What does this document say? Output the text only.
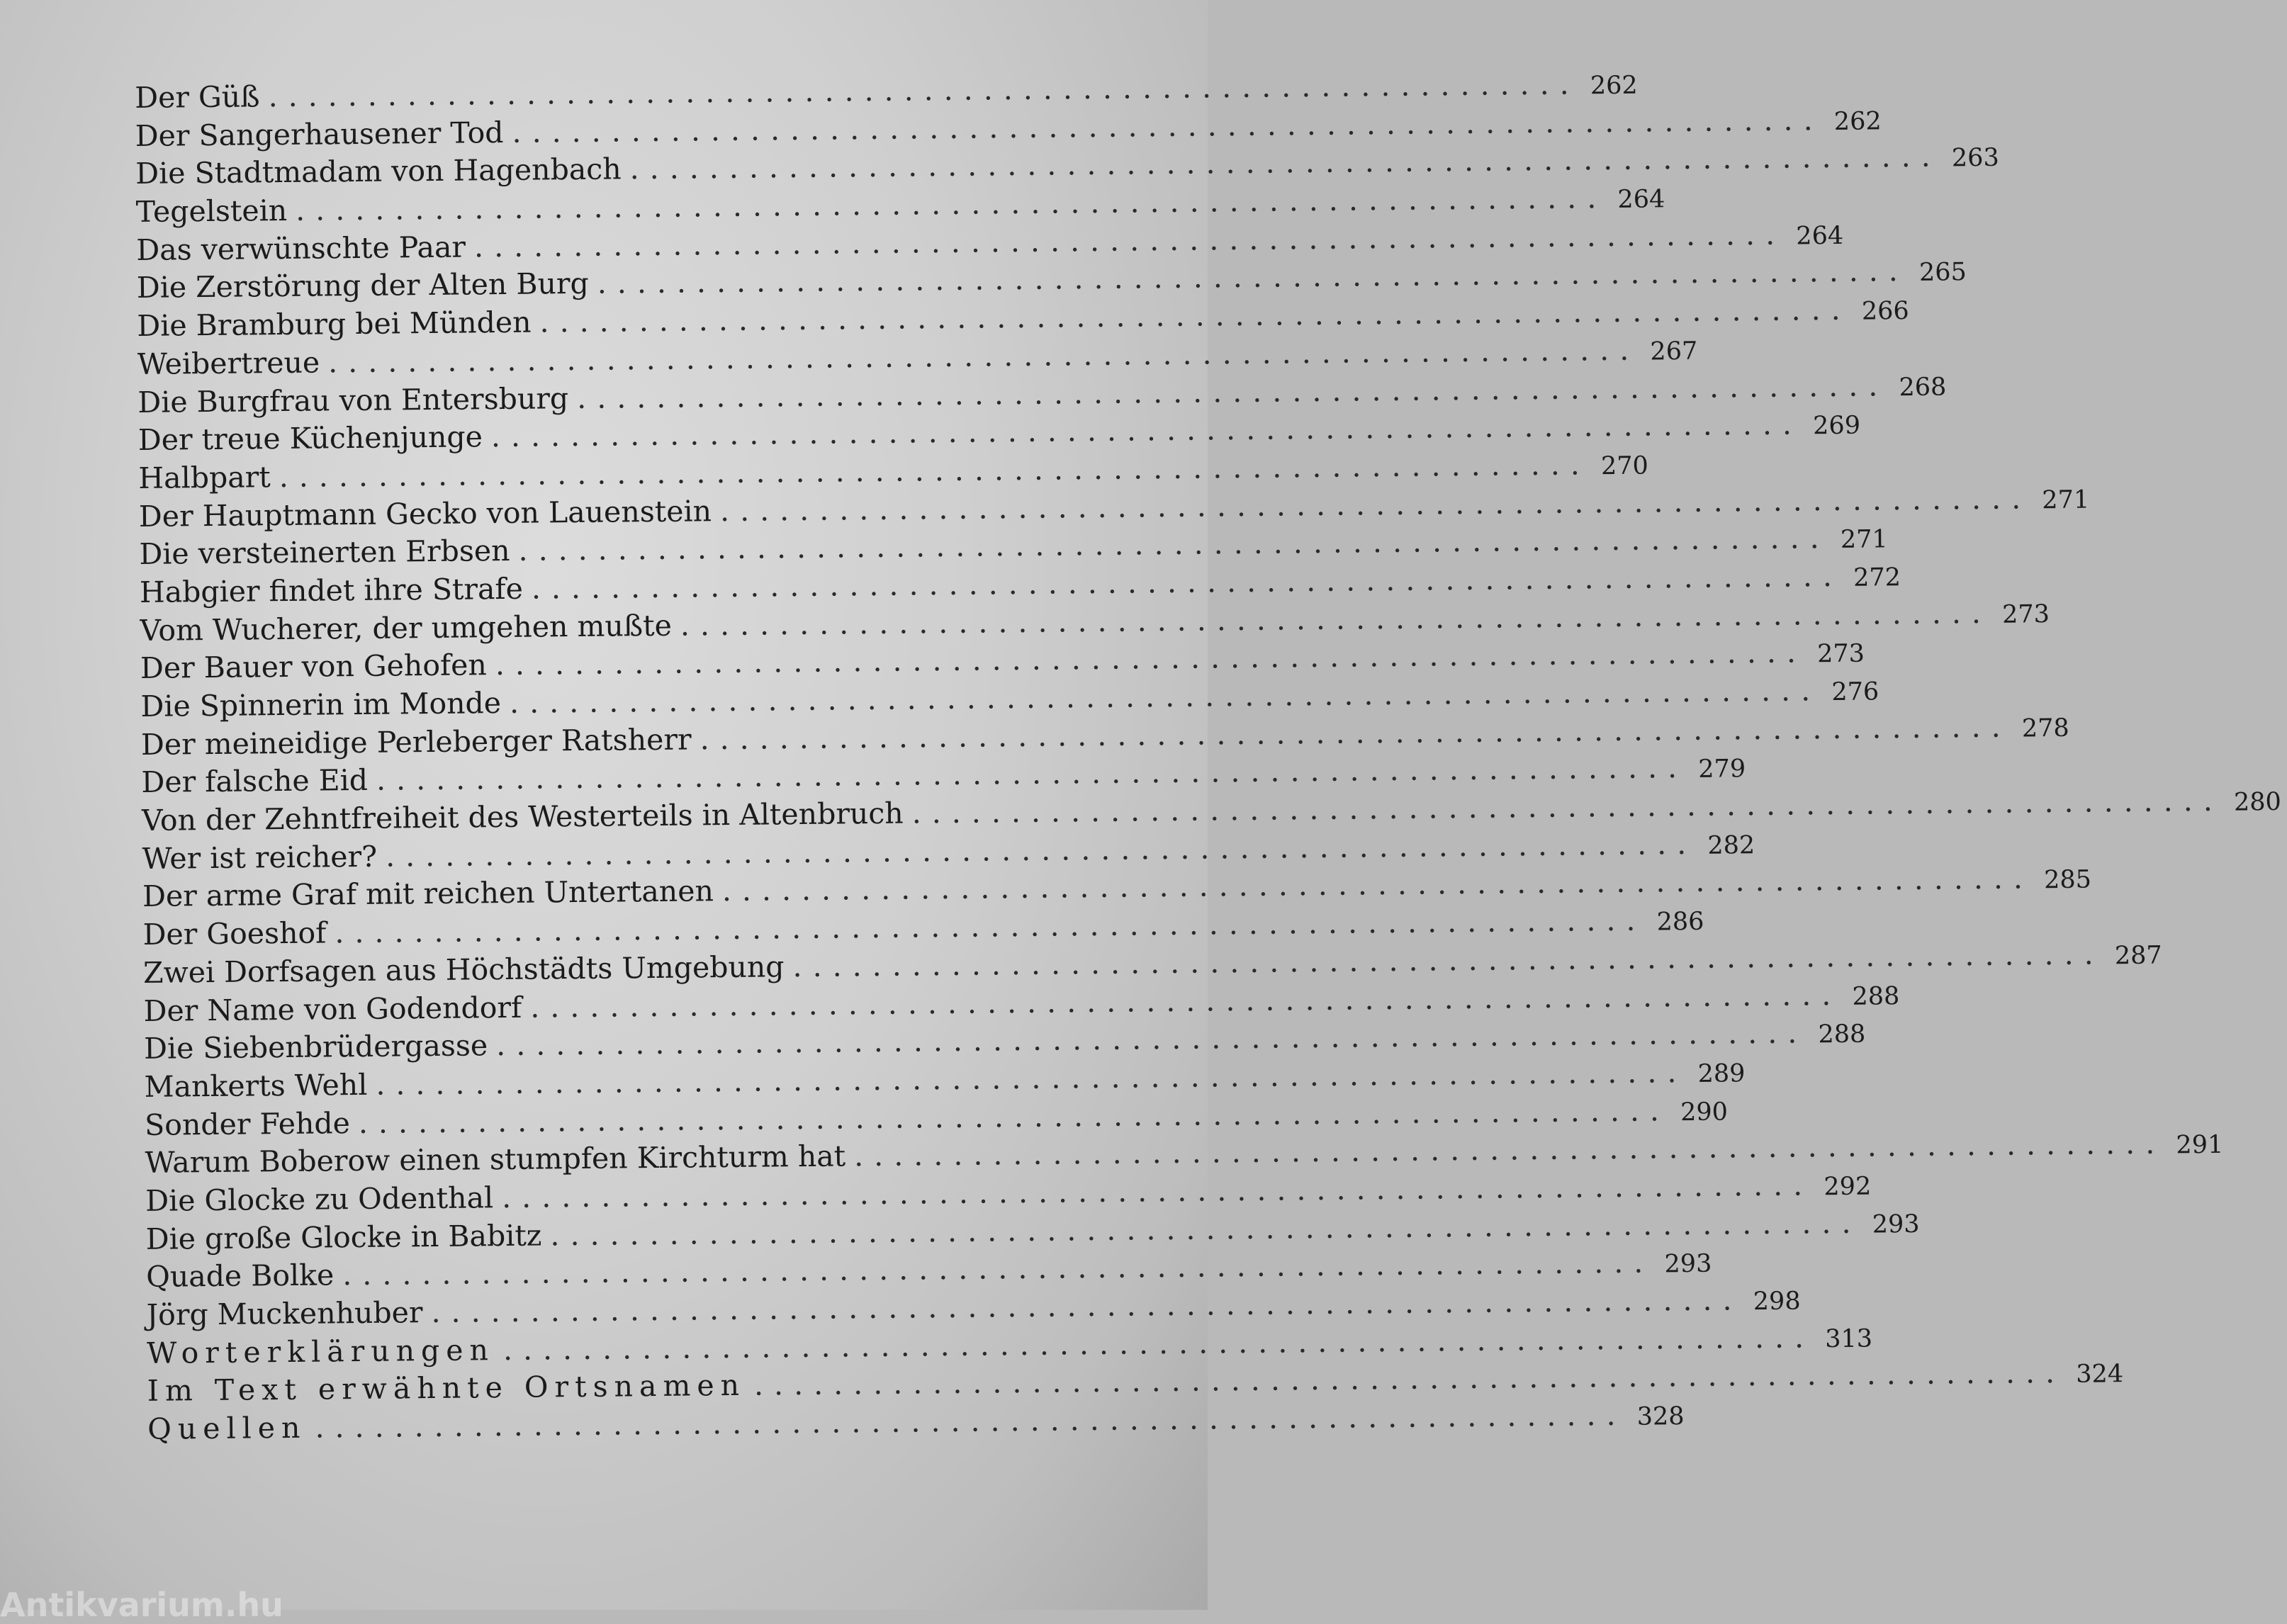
Der Güß .................................................................. 262
Der Sangerhausener Tod .................................................................. 262
Die Stadtmadam von Hagenbach .................................................................. 263
Tegelstein .................................................................. 264
Das verwünschte Paar .................................................................. 264
Die Zerstörung der Alten Burg .................................................................. 265
Die Bramburg bei Münden .................................................................. 266
Weibertreue .................................................................. 267
Die Burgfrau von Entersburg .................................................................. 268
Der treue Küchenjunge .................................................................. 269
Halbpart .................................................................. 270
Der Hauptmann Gecko von Lauenstein .................................................................. 271
Die versteinerten Erbsen .................................................................. 271
Habgier findet ihre Strafe .................................................................. 272
Vom Wucherer, der umgehen mußte .................................................................. 273
Der Bauer von Gehofen .................................................................. 273
Die Spinnerin im Monde .................................................................. 276
Der meineidige Perleberger Ratsherr .................................................................. 278
Der falsche Eid .................................................................. 279
Von der Zehntfreiheit des Westerteils in Altenbruch .................................................................. 280
Wer ist reicher? .................................................................. 282
Der arme Graf mit reichen Untertanen .................................................................. 285
Der Goeshof .................................................................. 286
Zwei Dorfsagen aus Höchstädts Umgebung .................................................................. 287
Der Name von Godendorf .................................................................. 288
Die Siebenbrüdergasse .................................................................. 288
Mankerts Wehl .................................................................. 289
Sonder Fehde .................................................................. 290
Warum Boberow einen stumpfen Kirchturm hat .................................................................. 291
Die Glocke zu Odenthal .................................................................. 292
Die große Glocke in Babitz .................................................................. 293
Quade Bolke .................................................................. 293
Jörg Muckenhuber .................................................................. 298
Worterklärungen .................................................................. 313
Im Text erwähnte Ortsnamen .................................................................. 324
Quellen .................................................................. 328
Antikvarium.hu
